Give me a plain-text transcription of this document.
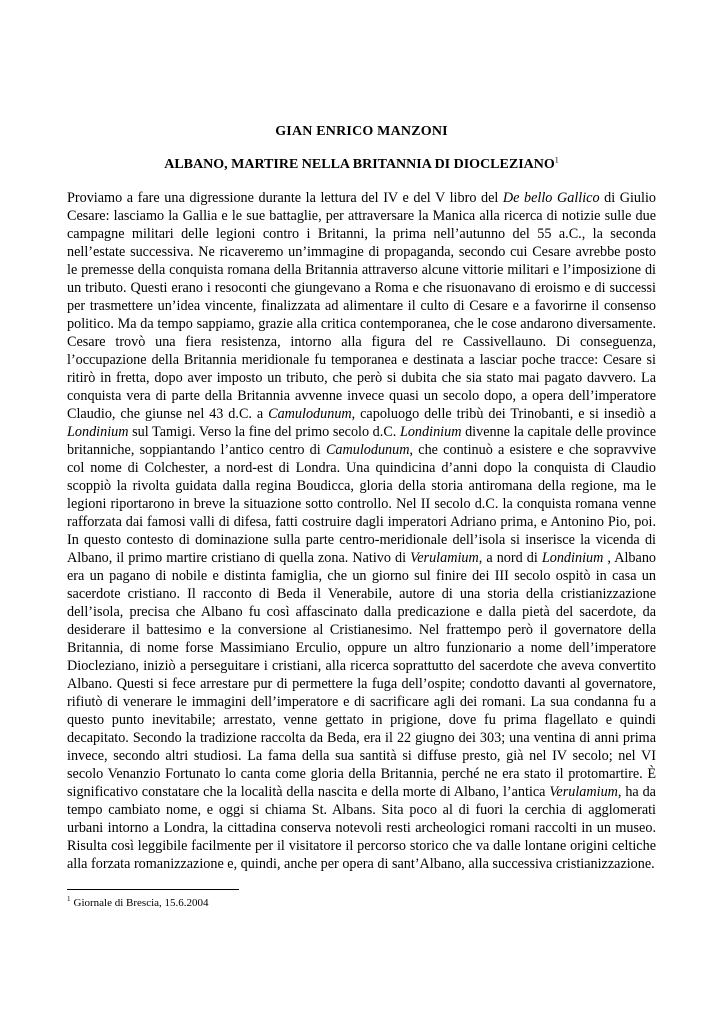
GIAN ENRICO MANZONI
ALBANO, MARTIRE NELLA BRITANNIA DI DIOCLEZIANO$^1$
Proviamo a fare una digressione durante la lettura del IV e del V libro del De bello Gallico di Giulio Cesare: lasciamo la Gallia e le sue battaglie, per attraversare la Manica alla ricerca di notizie sulle due campagne militari delle legioni contro i Britanni, la prima nell’autunno del 55 a.C., la seconda nell’estate successiva. Ne ricaveremo un’immagine di propaganda, secondo cui Cesare avrebbe posto le premesse della conquista romana della Britannia attraverso alcune vittorie militari e l’imposizione di un tributo. Questi erano i resoconti che giungevano a Roma e che risuonavano di eroismo e di successi per trasmettere un’idea vincente, finalizzata ad alimentare il culto di Cesare e a favorirne il consenso politico. Ma da tempo sappiamo, grazie alla critica contemporanea, che le cose andarono diversamente. Cesare trovò una fiera resistenza, intorno alla figura del re Cassivellauno. Di conseguenza, l’occupazione della Britannia meridionale fu temporanea e destinata a lasciar poche tracce: Cesare si ritirò in fretta, dopo aver imposto un tributo, che però si dubita che sia stato mai pagato davvero. La conquista vera di parte della Britannia avvenne invece quasi un secolo dopo, a opera dell’imperatore Claudio, che giunse nel 43 d.C. a Camulodunum, capoluogo delle tribù dei Trinobanti, e si insediò a Londinium sul Tamigi. Verso la fine del primo secolo d.C. Londinium divenne la capitale delle province britanniche, soppiantando l’antico centro di Camulodunum, che continuò a esistere e che sopravvive col nome di Colchester, a nord-est di Londra. Una quindicina d’anni dopo la conquista di Claudio scoppiò la rivolta guidata dalla regina Boudicca, gloria della storia antiromana della regione, ma le legioni riportarono in breve la situazione sotto controllo. Nel II secolo d.C. la conquista romana venne rafforzata dai famosi valli di difesa, fatti costruire dagli imperatori Adriano prima, e Antonino Pio, poi. In questo contesto di dominazione sulla parte centro-meridionale dell’isola si inserisce la vicenda di Albano, il primo martire cristiano di quella zona. Nativo di Verulamium, a nord di Londinium , Albano era un pagano di nobile e distinta famiglia, che un giorno sul finire dei III secolo ospitò in casa un sacerdote cristiano. Il racconto di Beda il Venerabile, autore di una storia della cristianizzazione dell’isola, precisa che Albano fu così affascinato dalla predicazione e dalla pietà del sacerdote, da desiderare il battesimo e la conversione al Cristianesimo. Nel frattempo però il governatore della Britannia, di nome forse Massimiano Erculio, oppure un altro funzionario a nome dell’imperatore Diocleziano, iniziò a perseguitare i cristiani, alla ricerca soprattutto del sacerdote che aveva convertito Albano. Questi si fece arrestare pur di permettere la fuga dell’ospite; condotto davanti al governatore, rifiutò di venerare le immagini dell’imperatore e di sacrificare agli dei romani. La sua condanna fu a questo punto inevitabile; arrestato, venne gettato in prigione, dove fu prima flagellato e quindi decapitato. Secondo la tradizione raccolta da Beda, era il 22 giugno dei 303; una ventina di anni prima invece, secondo altri studiosi. La fama della sua santità si diffuse presto, già nel IV secolo; nel VI secolo Venanzio Fortunato lo canta come gloria della Britannia, perché ne era stato il protomartire. È significativo constatare che la località della nascita e della morte di Albano, l’antica Verulamium, ha da tempo cambiato nome, e oggi si chiama St. Albans. Sita poco al di fuori la cerchia di agglomerati urbani intorno a Londra, la cittadina conserva notevoli resti archeologici romani raccolti in un museo. Risulta così leggibile facilmente per il visitatore il percorso storico che va dalle lontane origini celtiche alla forzata romanizzazione e, quindi, anche per opera di sant’Albano, alla successiva cristianizzazione.
$^1$ Giornale di Brescia, 15.6.2004
